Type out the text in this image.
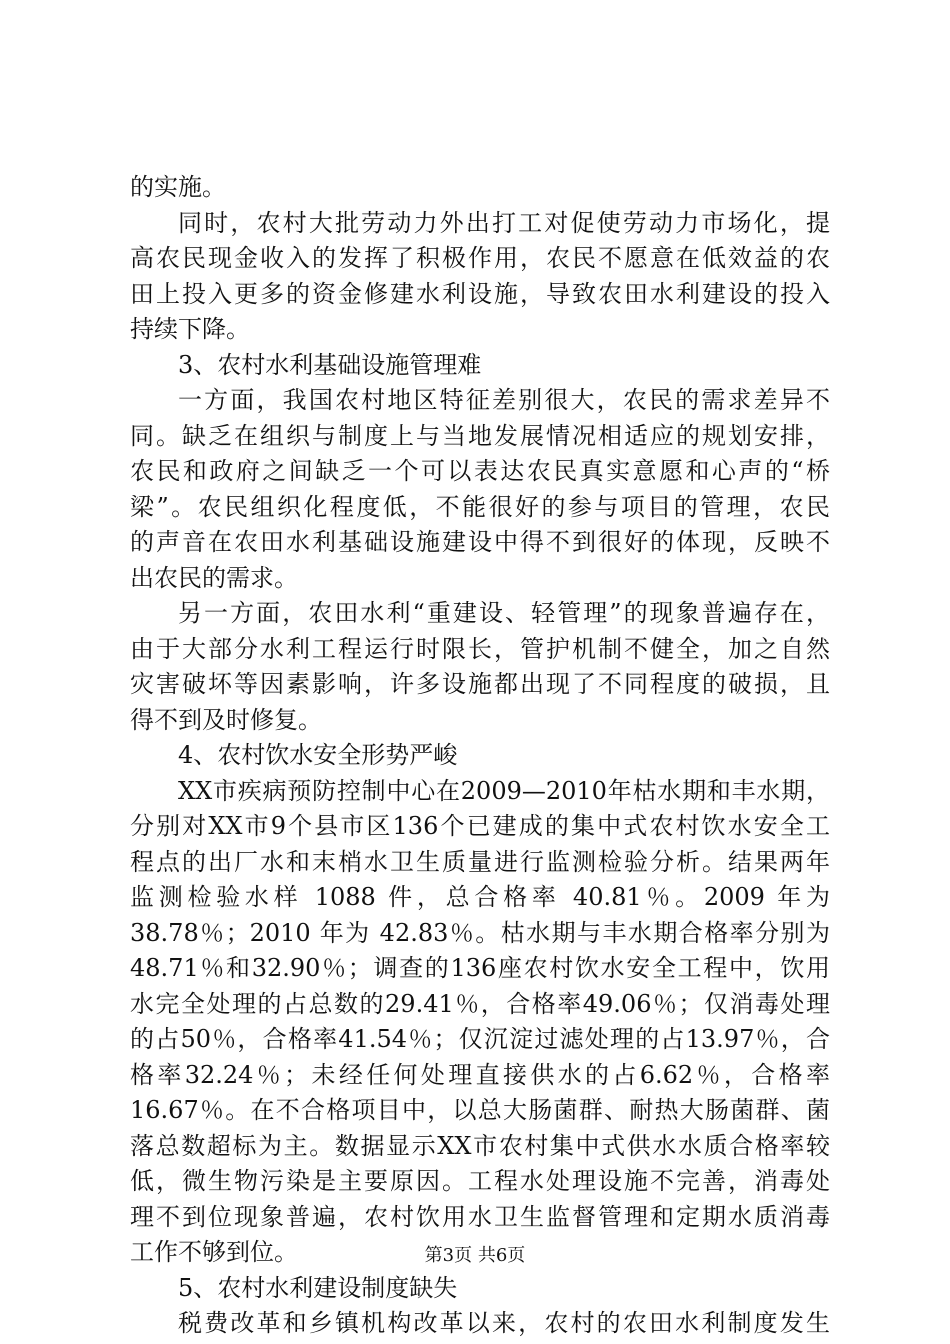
的实施。
同时，农村大批劳动力外出打工对促使劳动力市场化，提
高农民现金收入的发挥了积极作用，农民不愿意在低效益的农
田上投入更多的资金修建水利设施，导致农田水利建设的投入
持续下降。
3、农村水利基础设施管理难
一方面，我国农村地区特征差别很大，农民的需求差异不
同。缺乏在组织与制度上与当地发展情况相适应的规划安排，
农民和政府之间缺乏一个可以表达农民真实意愿和心声的“桥
梁”。农民组织化程度低，不能很好的参与项目的管理，农民
的声音在农田水利基础设施建设中得不到很好的体现，反映不
出农民的需求。
另一方面，农田水利“重建设、轻管理”的现象普遍存在，
由于大部分水利工程运行时限长，管护机制不健全，加之自然
灾害破坏等因素影响，许多设施都出现了不同程度的破损，且
得不到及时修复。
4、农村饮水安全形势严峻
XX市疾病预防控制中心在2009—2010年枯水期和丰水期，
分别对XX市9个县市区136个已建成的集中式农村饮水安全工
程点的出厂水和末梢水卫生质量进行监测检验分析。结果两年
监测检验水样 1088 件，总合格率 40.81％。2009 年为
38.78％；2010 年为 42.83％。枯水期与丰水期合格率分别为
48.71％和32.90％；调查的136座农村饮水安全工程中，饮用
水完全处理的占总数的29.41％，合格率49.06％；仅消毒处理
的占50％，合格率41.54％；仅沉淀过滤处理的占13.97％，合
格率32.24％；未经任何处理直接供水的占6.62％，合格率
16.67％。在不合格项目中，以总大肠菌群、耐热大肠菌群、菌
落总数超标为主。数据显示XX市农村集中式供水水质合格率较
低，微生物污染是主要原因。工程水处理设施不完善，消毒处
理不到位现象普遍，农村饮用水卫生监督管理和定期水质消毒
工作不够到位。
5、农村水利建设制度缺失
税费改革和乡镇机构改革以来，农村的农田水利制度发生
第3页 共6页
